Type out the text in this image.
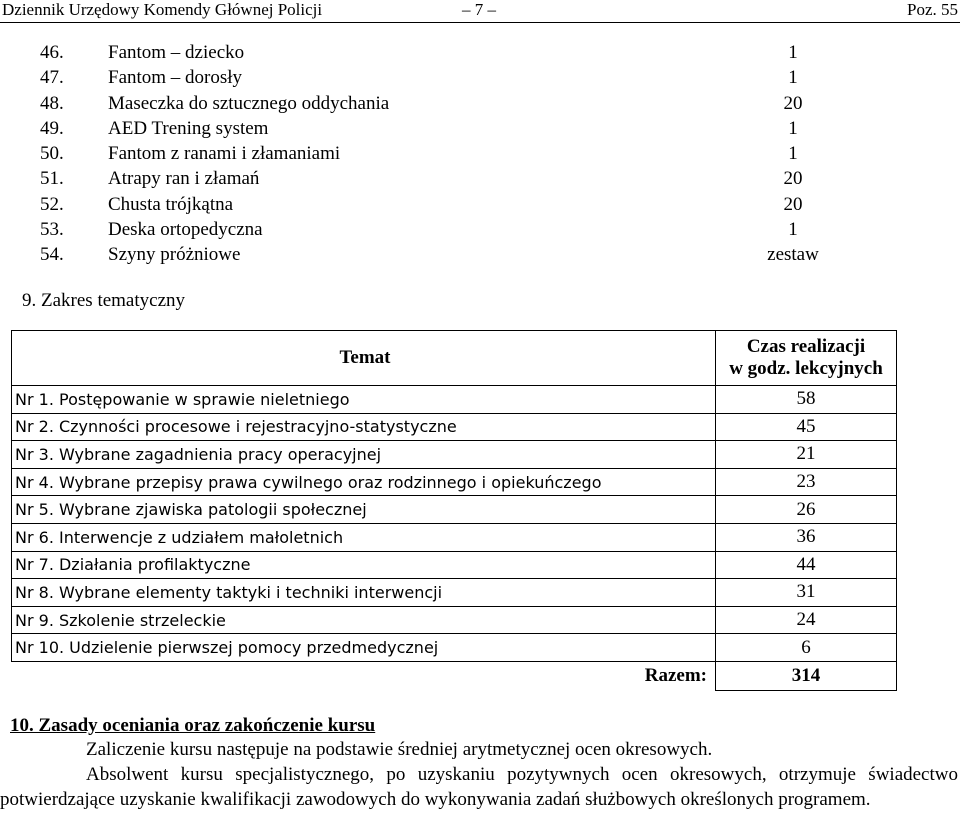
Dziennik Urzędowy Komendy Głównej Policji	– 7 –	Poz. 55
46. Fantom – dziecko	1
47. Fantom – dorosły	1
48. Maseczka do sztucznego oddychania	20
49. AED Trening system	1
50. Fantom z ranami i złamaniami	1
51. Atrapy ran i złamań	20
52. Chusta trójkątna	20
53. Deska ortopedyczna	1
54. Szyny próżniowe	zestaw
9. Zakres tematyczny
Temat	Czas realizacji
w godz. lekcyjnych

Nr 1. Postępowanie w sprawie nieletniego	58
Nr 2. Czynności procesowe i rejestracyjno-statystyczne	45
Nr 3. Wybrane zagadnienia pracy operacyjnej	21
Nr 4. Wybrane przepisy prawa cywilnego oraz rodzinnego i opiekuńczego	23
Nr 5. Wybrane zjawiska patologii społecznej	26
Nr 6. Interwencje z udziałem małoletnich	36
Nr 7. Działania profilaktyczne	44
Nr 8. Wybrane elementy taktyki i techniki interwencji	31
Nr 9. Szkolenie strzeleckie	24
Nr 10. Udzielenie pierwszej pomocy przedmedycznej	6
Razem:	314
10. Zasady oceniania oraz zakończenie kursu
Zaliczenie kursu następuje na podstawie średniej arytmetycznej ocen okresowych.
Absolwent kursu specjalistycznego, po uzyskaniu pozytywnych ocen okresowych, otrzymuje świadectwo potwierdzające uzyskanie kwalifikacji zawodowych do wykonywania zadań służbowych określonych programem.
